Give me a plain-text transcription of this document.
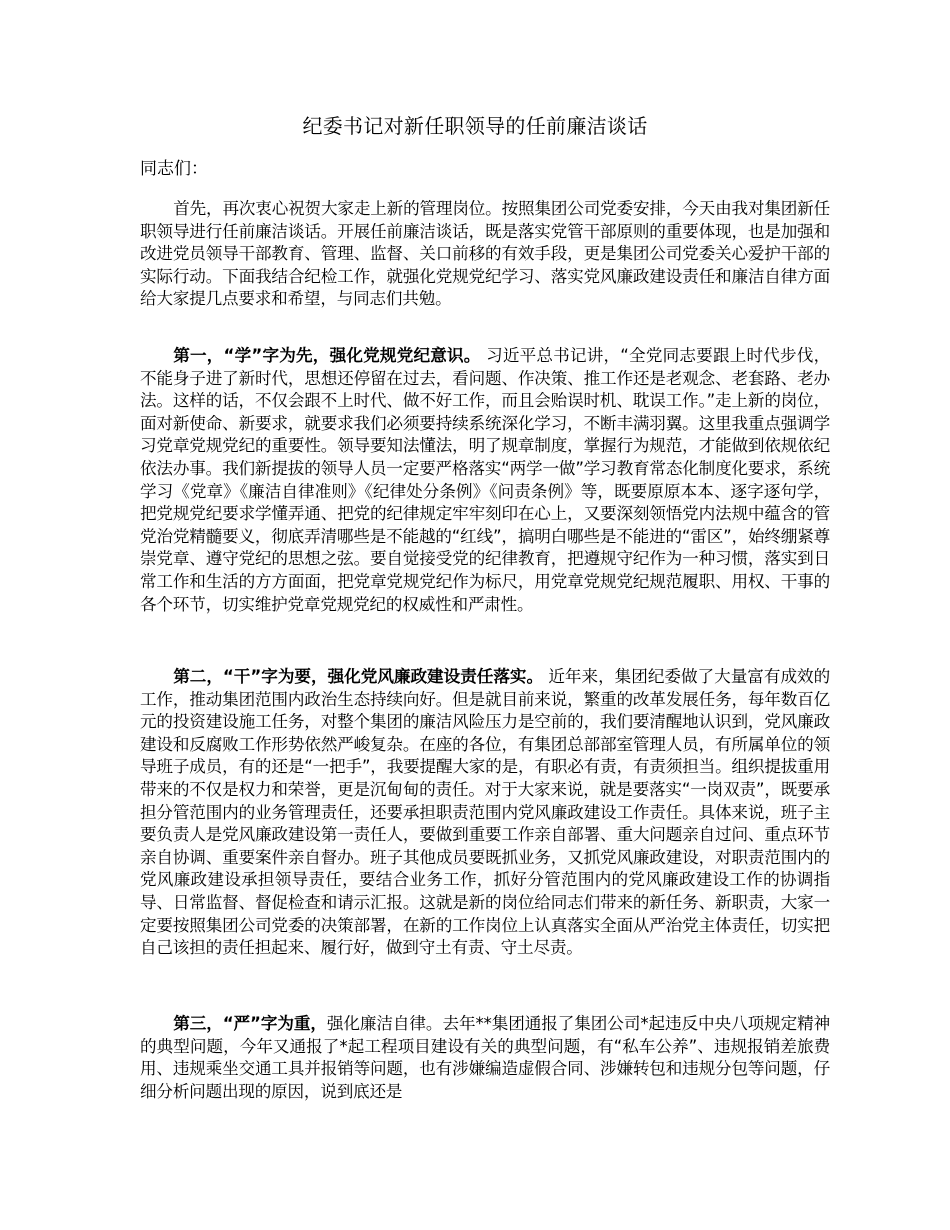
纪委书记对新任职领导的任前廉洁谈话
同志们：

首先，再次衷心祝贺大家走上新的管理岗位。按照集团公司党委安排，今天由我对集团新任职领导进行任前廉洁谈话。开展任前廉洁谈话，既是落实党管干部原则的重要体现，也是加强和改进党员领导干部教育、管理、监督、关口前移的有效手段，更是集团公司党委关心爱护干部的实际行动。下面我结合纪检工作，就强化党规党纪学习、落实党风廉政建设责任和廉洁自律方面给大家提几点要求和希望，与同志们共勉。

第一，“学”字为先，强化党规党纪意识。 习近平总书记讲，“全党同志要跟上时代步伐，不能身子进了新时代，思想还停留在过去，看问题、作决策、推工作还是老观念、老套路、老办法。这样的话，不仅会跟不上时代、做不好工作，而且会贻误时机、耽误工作。”走上新的岗位，面对新使命、新要求，就要求我们必须要持续系统深化学习，不断丰满羽翼。这里我重点强调学习党章党规党纪的重要性。领导要知法懂法，明了规章制度，掌握行为规范，才能做到依规依纪依法办事。我们新提拔的领导人员一定要严格落实“两学一做”学习教育常态化制度化要求，系统学习《党章》《廉洁自律准则》《纪律处分条例》《问责条例》等，既要原原本本、逐字逐句学，把党规党纪要求学懂弄通、把党的纪律规定牢牢刻印在心上，又要深刻领悟党内法规中蕴含的管党治党精髓要义，彻底弄清哪些是不能越的“红线”，搞明白哪些是不能进的“雷区”，始终绷紧尊崇党章、遵守党纪的思想之弦。要自觉接受党的纪律教育，把遵规守纪作为一种习惯，落实到日常工作和生活的方方面面，把党章党规党纪作为标尺，用党章党规党纪规范履职、用权、干事的各个环节，切实维护党章党规党纪的权威性和严肃性。

第二，“干”字为要，强化党风廉政建设责任落实。 近年来，集团纪委做了大量富有成效的工作，推动集团范围内政治生态持续向好。但是就目前来说，繁重的改革发展任务，每年数百亿元的投资建设施工任务，对整个集团的廉洁风险压力是空前的，我们要清醒地认识到，党风廉政建设和反腐败工作形势依然严峻复杂。在座的各位，有集团总部部室管理人员，有所属单位的领导班子成员，有的还是“一把手”，我要提醒大家的是，有职必有责，有责须担当。组织提拔重用带来的不仅是权力和荣誉，更是沉甸甸的责任。对于大家来说，就是要落实“一岗双责”，既要承担分管范围内的业务管理责任，还要承担职责范围内党风廉政建设工作责任。具体来说，班子主要负责人是党风廉政建设第一责任人，要做到重要工作亲自部署、重大问题亲自过问、重点环节亲自协调、重要案件亲自督办。班子其他成员要既抓业务，又抓党风廉政建设，对职责范围内的党风廉政建设承担领导责任，要结合业务工作，抓好分管范围内的党风廉政建设工作的协调指导、日常监督、督促检查和请示汇报。这就是新的岗位给同志们带来的新任务、新职责，大家一定要按照集团公司党委的决策部署，在新的工作岗位上认真落实全面从严治党主体责任，切实把自己该担的责任担起来、履行好，做到守土有责、守土尽责。

第三，“严”字为重，强化廉洁自律。去年**集团通报了集团公司*起违反中央八项规定精神的典型问题，今年又通报了*起工程项目建设有关的典型问题，有“私车公养”、违规报销差旅费用、违规乘坐交通工具并报销等问题，也有涉嫌编造虚假合同、涉嫌转包和违规分包等问题，仔细分析问题出现的原因，说到底还是
